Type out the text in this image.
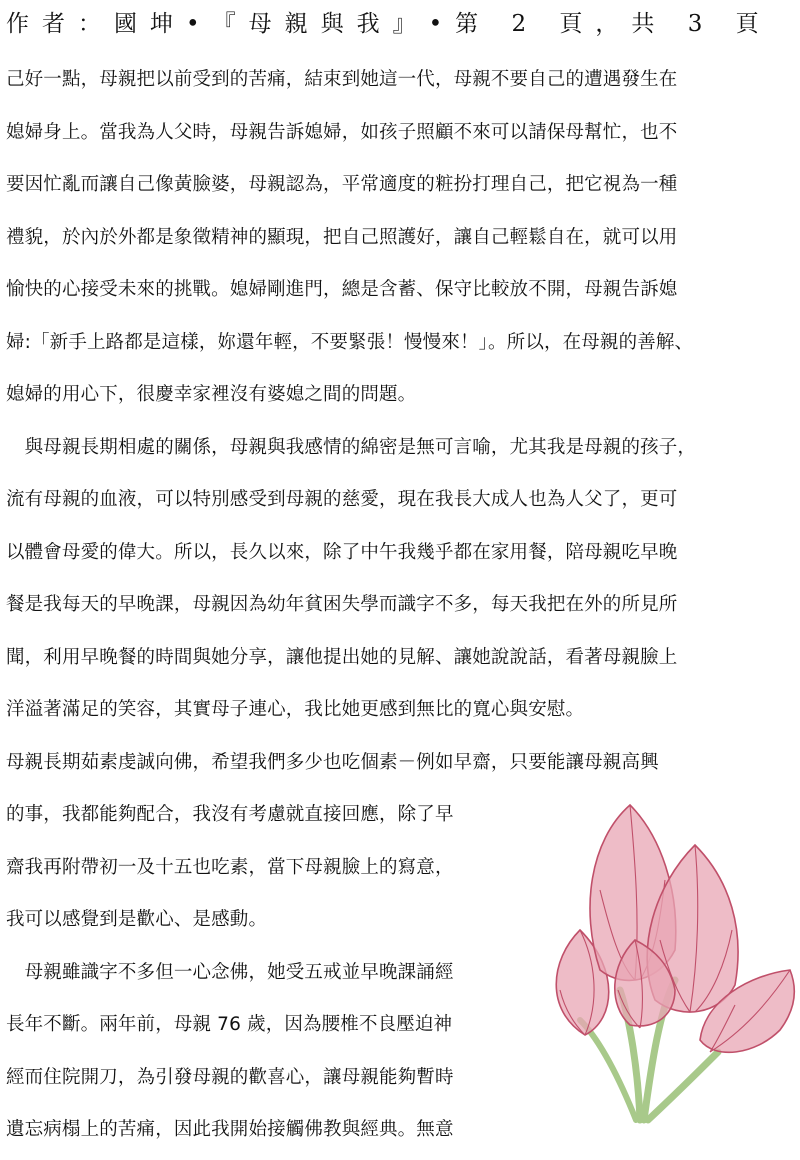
作者：國坤•『母親與我』•第 2 頁，共 3 頁
己好一點，母親把以前受到的苦痛，結束到她這一代，母親不要自己的遭遇發生在
媳婦身上。當我為人父時，母親告訴媳婦，如孩子照顧不來可以請保母幫忙，也不
要因忙亂而讓自己像黃臉婆，母親認為，平常適度的粧扮打理自己，把它視為一種
禮貌，於內於外都是象徵精神的顯現，把自己照護好，讓自己輕鬆自在，就可以用
愉快的心接受未來的挑戰。媳婦剛進門，總是含蓄、保守比較放不開，母親告訴媳
婦:「新手上路都是這樣，妳還年輕，不要緊張！慢慢來！」。所以，在母親的善解、
媳婦的用心下，很慶幸家裡沒有婆媳之間的問題。
　與母親長期相處的關係，母親與我感情的綿密是無可言喻，尤其我是母親的孩子，
流有母親的血液，可以特別感受到母親的慈愛，現在我長大成人也為人父了，更可
以體會母愛的偉大。所以，長久以來，除了中午我幾乎都在家用餐，陪母親吃早晚
餐是我每天的早晚課，母親因為幼年貧困失學而識字不多，每天我把在外的所見所
聞，利用早晚餐的時間與她分享，讓他提出她的見解、讓她說說話，看著母親臉上
洋溢著滿足的笑容，其實母子連心，我比她更感到無比的寬心與安慰。
母親長期茹素虔誠向佛，希望我們多少也吃個素－例如早齋，只要能讓母親高興
的事，我都能夠配合，我沒有考慮就直接回應，除了早
齋我再附帶初一及十五也吃素，當下母親臉上的寫意，
我可以感覺到是歡心、是感動。
　母親雖識字不多但一心念佛，她受五戒並早晚課誦經
長年不斷。兩年前，母親 76 歲，因為腰椎不良壓迫神
經而住院開刀，為引發母親的歡喜心，讓母親能夠暫時
遺忘病榻上的苦痛，因此我開始接觸佛教與經典。無意
